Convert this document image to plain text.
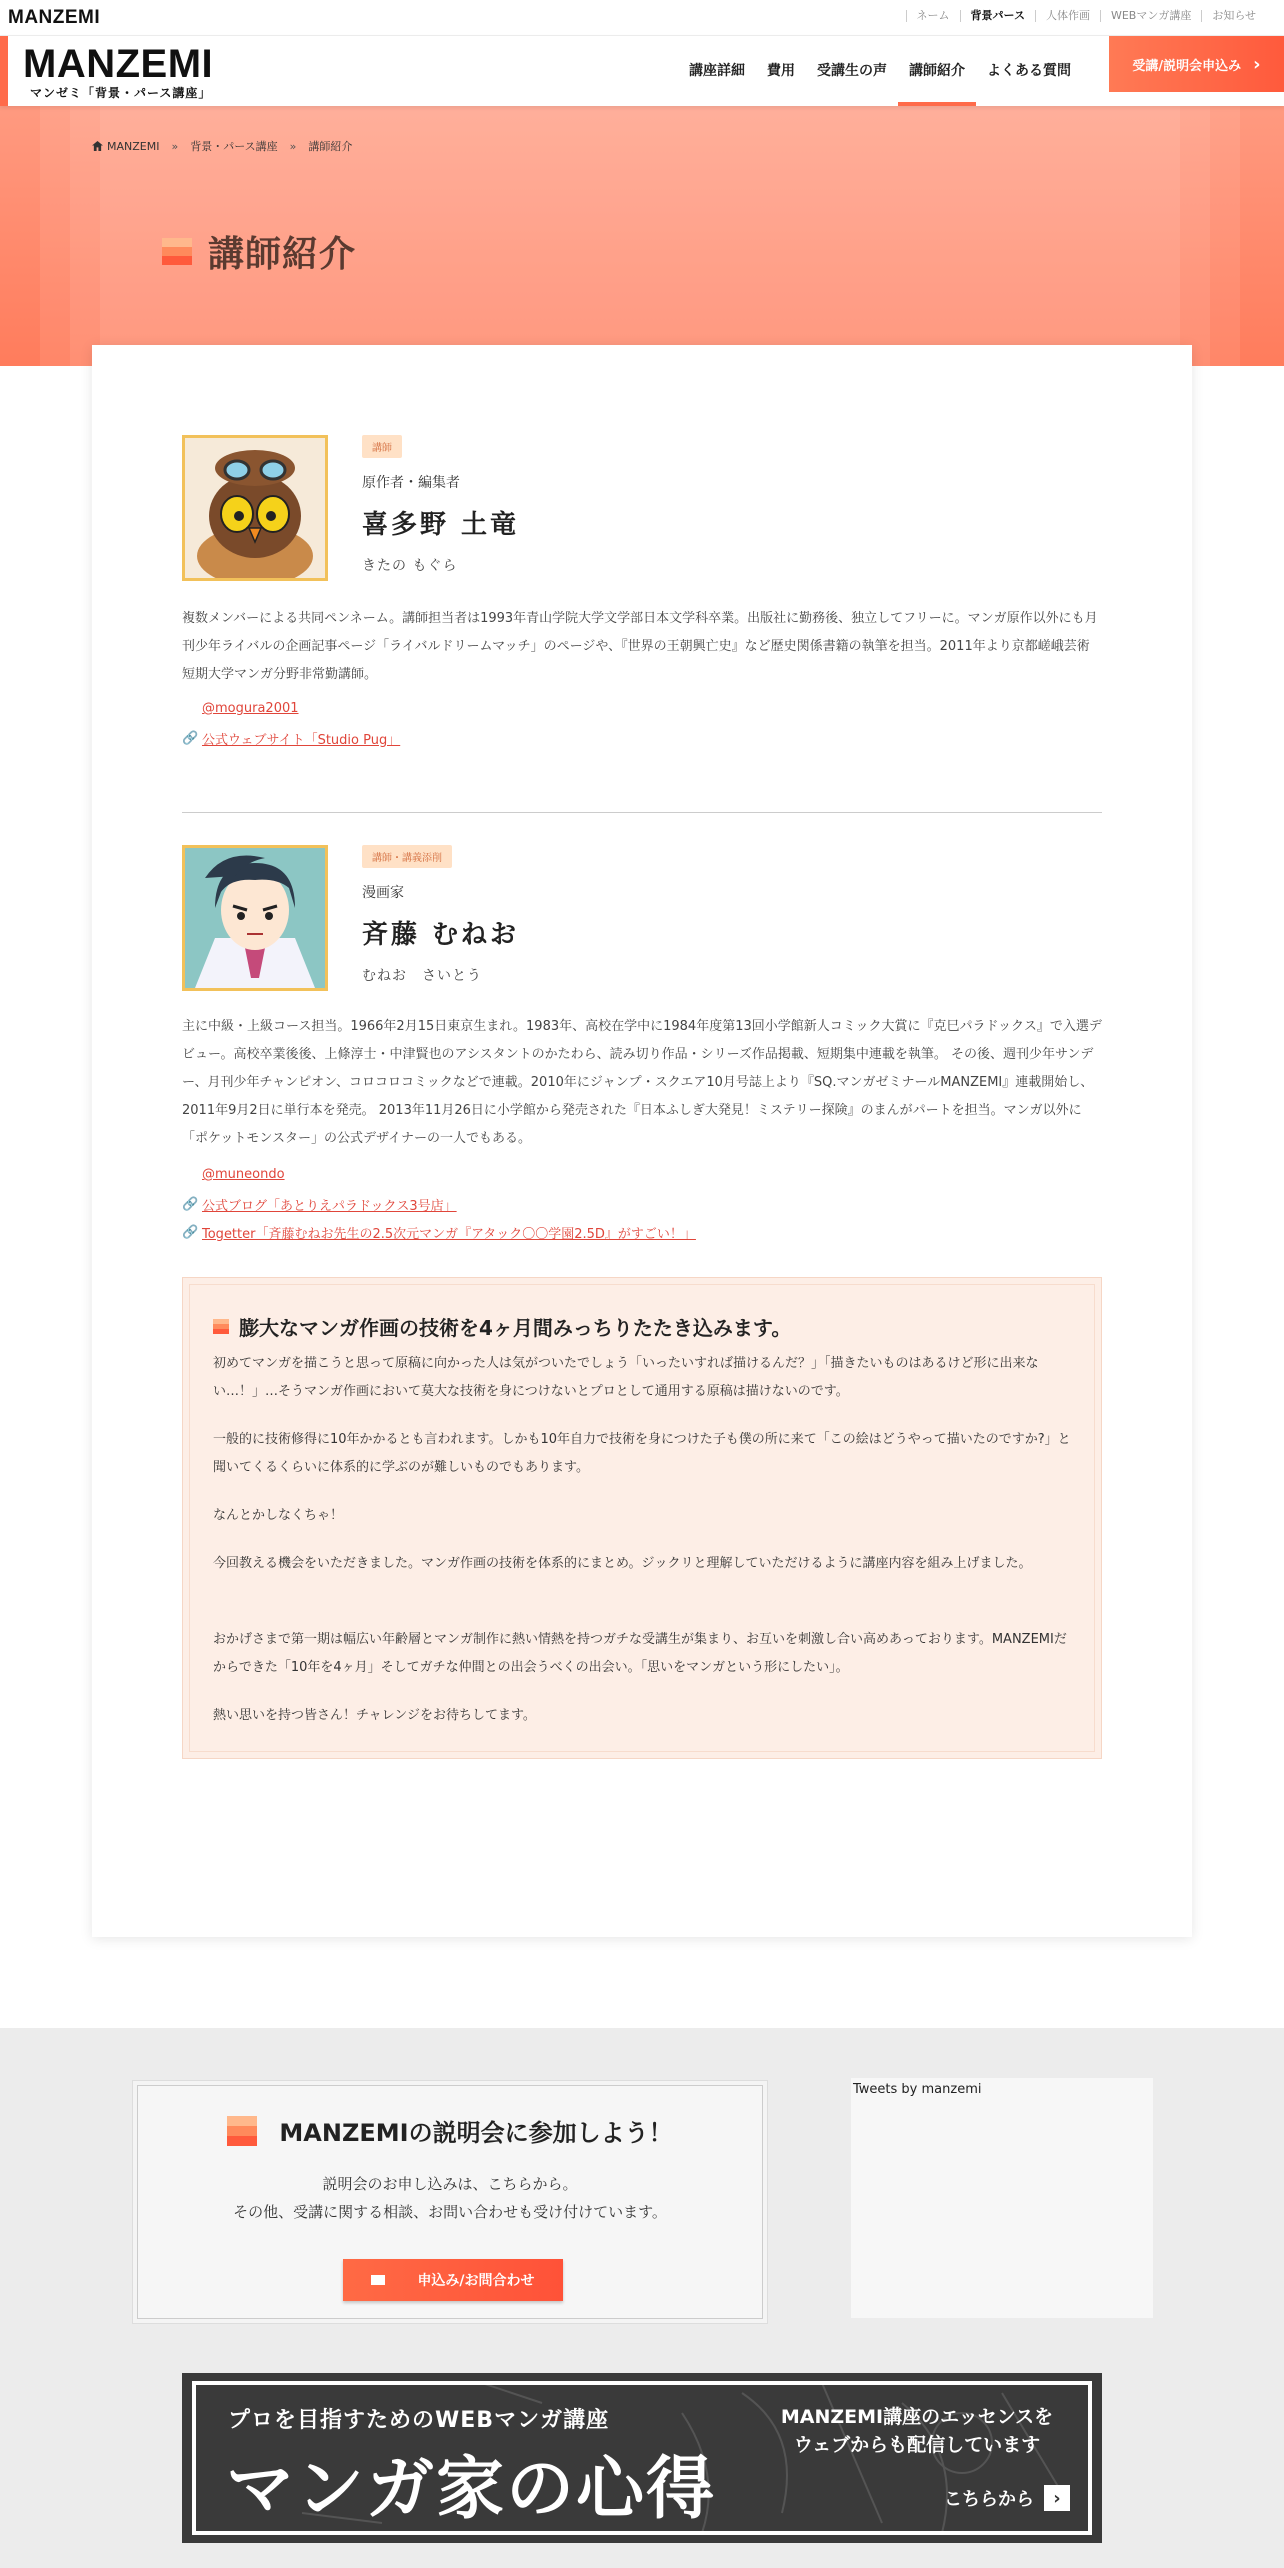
MANZEMI	ネーム	背景パース	人体作画	WEBマンガ講座	お知らせ
MANZEMI
マンゼミ「背景・パース講座」
講座詳細	費用	受講生の声	講師紹介	よくある質問	受講/説明会申込み ›
MANZEMI » 背景・パース講座 » 講師紹介
講師紹介
講師
原作者・編集者
喜多野 土竜
きたの もぐら

複数メンバーによる共同ペンネーム。講師担当者は1993年青山学院大学文学部日本文学科卒業。出版社に勤務後、独立してフリーに。マンガ原作以外にも月刊少年ライバルの企画記事ページ「ライバルドリームマッチ」のページや、『世界の王朝興亡史』など歴史関係書籍の執筆を担当。2011年より京都嵯峨芸術短期大学マンガ分野非常勤講師。

@mogura2001
🔗 公式ウェブサイト「Studio Pug」
講師・講義添削
漫画家
斉藤 むねお
むねお　さいとう

主に中級・上級コース担当。1966年2月15日東京生まれ。1983年、高校在学中に1984年度第13回小学館新人コミック大賞に『克巳パラドックス』で入選デビュー。高校卒業後後、上條淳士・中津賢也のアシスタントのかたわら、読み切り作品・シリーズ作品掲載、短期集中連載を執筆。 その後、週刊少年サンデー、月刊少年チャンピオン、コロコロコミックなどで連載。2010年にジャンプ・スクエア10月号誌上より『SQ.マンガゼミナールMANZEMI』連載開始し、2011年9月2日に単行本を発売。 2013年11月26日に小学館から発売された『日本ふしぎ大発見！ミステリー探険』のまんがパートを担当。マンガ以外に「ポケットモンスター」の公式デザイナーの一人でもある。

@muneondo
🔗 公式ブログ「あとりえパラドックス3号店」
🔗 Togetter「斉藤むねお先生の2.5次元マンガ『アタック〇〇学園2.5D』がすごい！」
膨大なマンガ作画の技術を4ヶ月間みっちりたたき込みます。

初めてマンガを描こうと思って原稿に向かった人は気がついたでしょう「いったいすれば描けるんだ？」「描きたいものはあるけど形に出来ない…！」…そうマンガ作画において莫大な技術を身につけないとプロとして通用する原稿は描けないのです。

一般的に技術修得に10年かかるとも言われます。しかも10年自力で技術を身につけた子も僕の所に来て「この絵はどうやって描いたのですか?」と聞いてくるくらいに体系的に学ぶのが難しいものでもあります。

なんとかしなくちゃ！

今回教える機会をいただきました。マンガ作画の技術を体系的にまとめ。ジックリと理解していただけるように講座内容を組み上げました。

おかげさまで第一期は幅広い年齢層とマンガ制作に熱い情熱を持つガチな受講生が集まり、お互いを刺激し合い高めあっております。MANZEMIだからできた「10年を4ヶ月」そしてガチな仲間との出会うべくの出会い。「思いをマンガという形にしたい」。

熱い思いを持つ皆さん！チャレンジをお待ちしてます。

MANZEMIの説明会に参加しよう！

説明会のお申し込みは、こちらから。

その他、受講に関する相談、お問い合わせも受け付けています。

申込み/お問合わせ
Tweets by manzemi
プロを目指すためのWEBマンガ講座
マンガ家の心得
MANZEMI講座のエッセンスを
ウェブからも配信しています
こちらから	›
